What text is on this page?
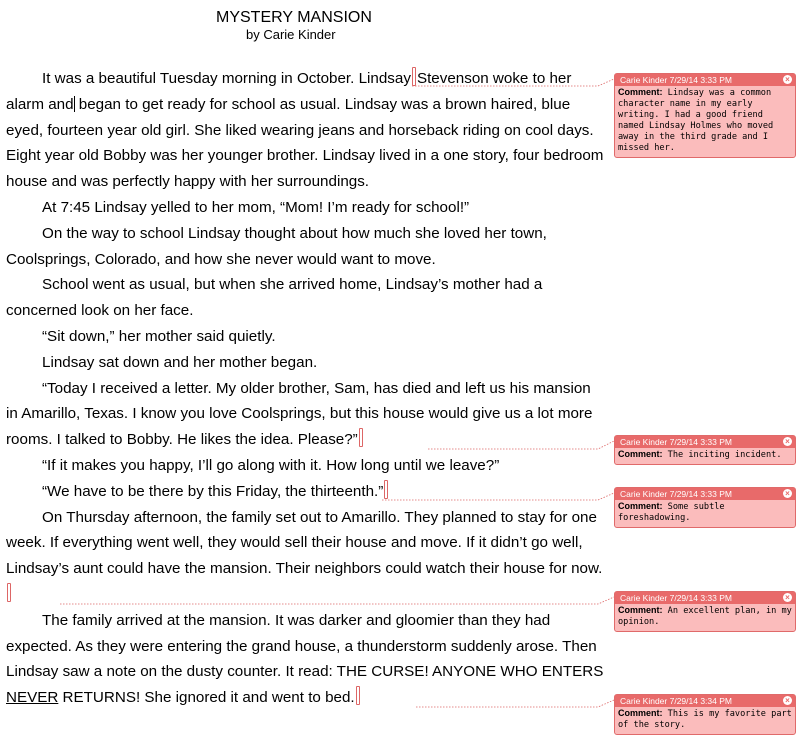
MYSTERY MANSION
by Carie Kinder

It was a beautiful Tuesday morning in October. Lindsay Stevenson woke to her alarm and began to get ready for school as usual. Lindsay was a brown haired, blue eyed, fourteen year old girl. She liked wearing jeans and horseback riding on cool days. Eight year old Bobby was her younger brother. Lindsay lived in a one story, four bedroom house and was perfectly happy with her surroundings.

At 7:45 Lindsay yelled to her mom, “Mom! I’m ready for school!”

On the way to school Lindsay thought about how much she loved her town, Coolsprings, Colorado, and how she never would want to move.

School went as usual, but when she arrived home, Lindsay’s mother had a concerned look on her face.

“Sit down,” her mother said quietly.

Lindsay sat down and her mother began.

“Today I received a letter. My older brother, Sam, has died and left us his mansion in Amarillo, Texas. I know you love Coolsprings, but this house would give us a lot more rooms. I talked to Bobby. He likes the idea. Please?”

“If it makes you happy, I’ll go along with it. How long until we leave?”

“We have to be there by this Friday, the thirteenth.”

On Thursday afternoon, the family set out to Amarillo. They planned to stay for one week. If everything went well, they would sell their house and move. If it didn’t go well, Lindsay’s aunt could have the mansion. Their neighbors could watch their house for now.

The family arrived at the mansion. It was darker and gloomier than they had expected. As they were entering the grand house, a thunderstorm suddenly arose. Then Lindsay saw a note on the dusty counter. It read: THE CURSE! ANYONE WHO ENTERS NEVER RETURNS! She ignored it and went to bed.

Carie Kinder 7/29/14 3:33 PM	×
Comment: Lindsay was a common character name in my early writing. I had a good friend named Lindsay Holmes who moved away in the third grade and I missed her.
Carie Kinder 7/29/14 3:33 PM	×
Comment: The inciting incident.
Carie Kinder 7/29/14 3:33 PM	×
Comment: Some subtle foreshadowing.
Carie Kinder 7/29/14 3:33 PM	×
Comment: An excellent plan, in my opinion.
Carie Kinder 7/29/14 3:34 PM	×
Comment: This is my favorite part of the story.
